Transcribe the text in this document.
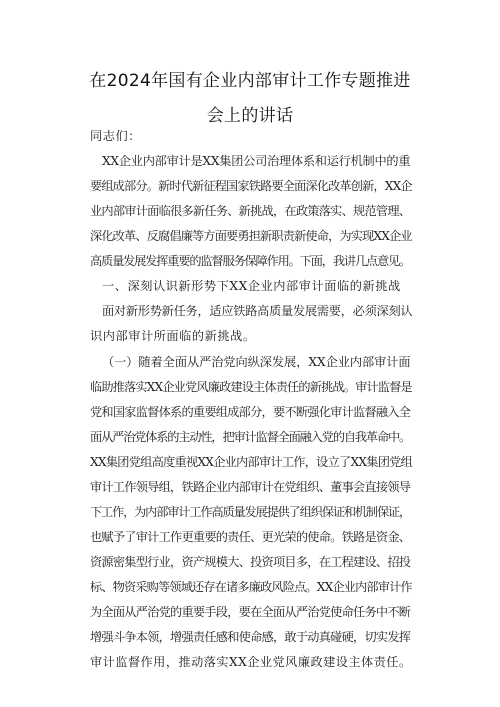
在2024年国有企业内部审计工作专题推进
会上的讲话
同志们：
XX企业内部审计是XX集团公司治理体系和运行机制中的重
要组成部分。新时代新征程国家铁路要全面深化改革创新，XX企
业内部审计面临很多新任务、新挑战，在政策落实、规范管理、
深化改革、反腐倡廉等方面要勇担新职责新使命，为实现XX企业
高质量发展发挥重要的监督服务保障作用。下面，我讲几点意见。
一、深刻认识新形势下XX企业内部审计面临的新挑战
面对新形势新任务，适应铁路高质量发展需要，必须深刻认
识内部审计所面临的新挑战。
（一）随着全面从严治党向纵深发展，XX企业内部审计面
临助推落实XX企业党风廉政建设主体责任的新挑战。审计监督是
党和国家监督体系的重要组成部分，要不断强化审计监督融入全
面从严治党体系的主动性，把审计监督全面融入党的自我革命中。
XX集团党组高度重视XX企业内部审计工作，设立了XX集团党组
审计工作领导组，铁路企业内部审计在党组织、董事会直接领导
下工作，为内部审计工作高质量发展提供了组织保证和机制保证，
也赋予了审计工作更重要的责任、更光荣的使命。铁路是资金、
资源密集型行业，资产规模大、投资项目多，在工程建设、招投
标、物资采购等领域还存在诸多廉政风险点。XX企业内部审计作
为全面从严治党的重要手段，要在全面从严治党使命任务中不断
增强斗争本领，增强责任感和使命感，敢于动真碰硬，切实发挥
审计监督作用，推动落实XX企业党风廉政建设主体责任。
